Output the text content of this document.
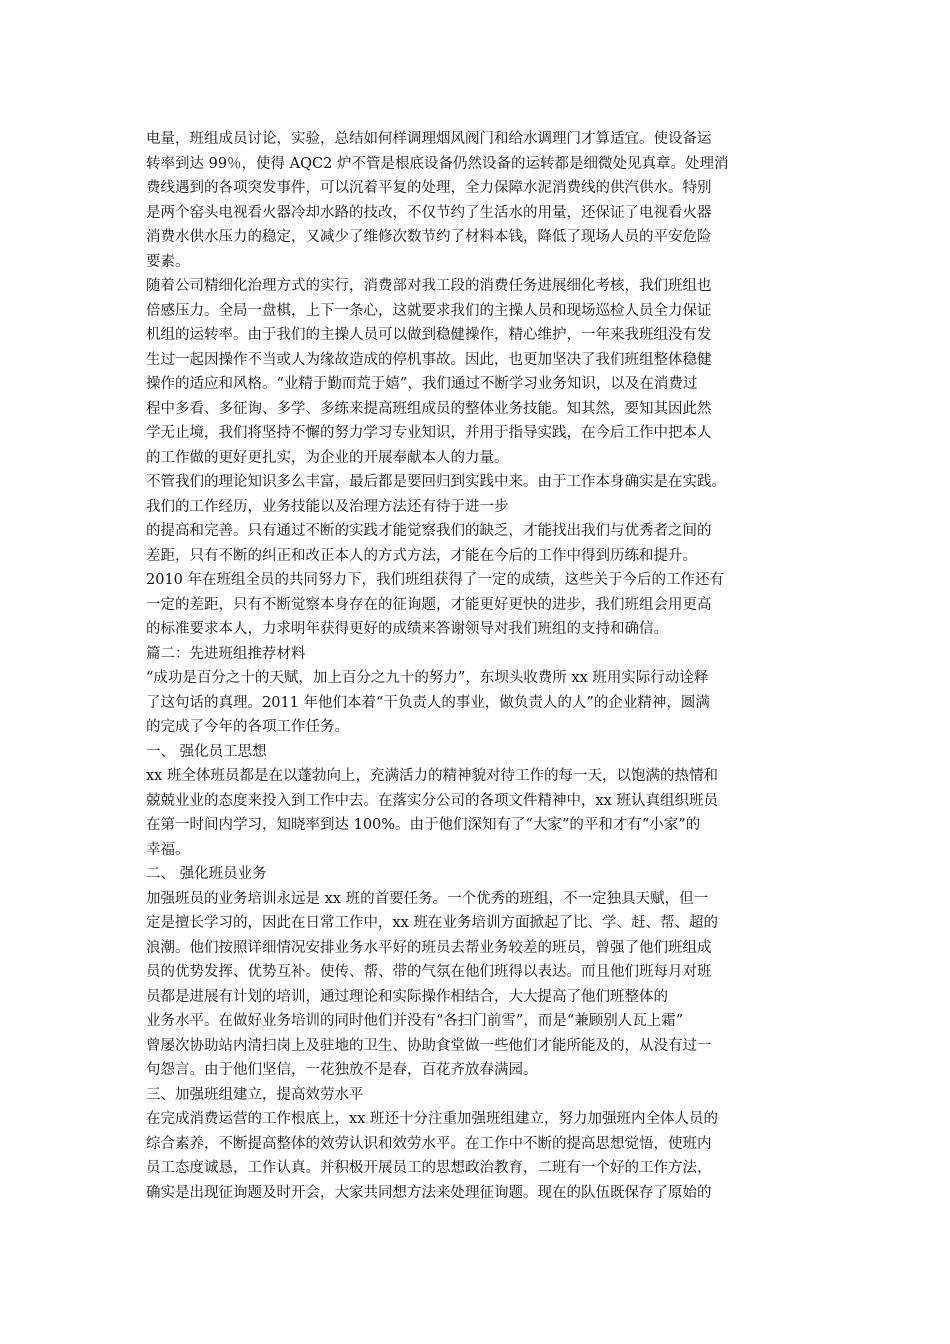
电量，班组成员讨论，实验，总结如何样调理烟风阀门和给水调理门才算适宜。使设备运
转率到达 99％，使得 AQC2 炉不管是根底设备仍然设备的运转都是细微处见真章。处理消
费线遇到的各项突发事件，可以沉着平复的处理，全力保障水泥消费线的供汽供水。特别
是两个窑头电视看火器冷却水路的技改，不仅节约了生活水的用量，还保证了电视看火器
消费水供水压力的稳定，又减少了维修次数节约了材料本钱，降低了现场人员的平安危险
要素。
随着公司精细化治理方式的实行，消费部对我工段的消费任务进展细化考核，我们班组也
倍感压力。全局一盘棋，上下一条心，这就要求我们的主操人员和现场巡检人员全力保证
机组的运转率。由于我们的主操人员可以做到稳健操作，精心维护，一年来我班组没有发
生过一起因操作不当或人为缘故造成的停机事故。因此，也更加坚决了我们班组整体稳健
操作的适应和风格。“业精于勤而荒于嬉”，我们通过不断学习业务知识，以及在消费过
程中多看、多征询、多学、多练来提高班组成员的整体业务技能。知其然，要知其因此然
学无止境，我们将坚持不懈的努力学习专业知识，并用于指导实践，在今后工作中把本人
的工作做的更好更扎实，为企业的开展奉献本人的力量。
不管我们的理论知识多么丰富，最后都是要回归到实践中来。由于工作本身确实是在实践。
我们的工作经历，业务技能以及治理方法还有待于进一步
的提高和完善。只有通过不断的实践才能觉察我们的缺乏，才能找出我们与优秀者之间的
差距，只有不断的纠正和改正本人的方式方法，才能在今后的工作中得到历练和提升。
2010 年在班组全员的共同努力下，我们班组获得了一定的成绩，这些关于今后的工作还有
一定的差距，只有不断觉察本身存在的征询题，才能更好更快的进步，我们班组会用更高
的标准要求本人，力求明年获得更好的成绩来答谢领导对我们班组的支持和确信。
篇二：先进班组推荐材料
“成功是百分之十的天赋，加上百分之九十的努力”，东坝头收费所 xx 班用实际行动诠释
了这句话的真理。2011 年他们本着“干负责人的事业，做负责人的人”的企业精神，圆满
的完成了今年的各项工作任务。
一、 强化员工思想
xx 班全体班员都是在以蓬勃向上，充满活力的精神貌对待工作的每一天，以饱满的热情和
兢兢业业的态度来投入到工作中去。在落实分公司的各项文件精神中，xx 班认真组织班员
在第一时间内学习，知晓率到达 100%。由于他们深知有了“大家”的平和才有“小家”的
幸福。
二、 强化班员业务
加强班员的业务培训永远是 xx 班的首要任务。一个优秀的班组，不一定独具天赋，但一
定是擅长学习的，因此在日常工作中，xx 班在业务培训方面掀起了比、学、赶、帮、超的
浪潮。他们按照详细情况安排业务水平好的班员去帮业务较差的班员，曾强了他们班组成
员的优势发挥、优势互补。使传、帮、带的气氛在他们班得以表达。而且他们班每月对班
员都是进展有计划的培训，通过理论和实际操作相结合，大大提高了他们班整体的
业务水平。在做好业务培训的同时他们并没有“各扫门前雪”，而是“兼顾别人瓦上霜”
曾屡次协助站内清扫岗上及驻地的卫生、协助食堂做一些他们才能所能及的，从没有过一
句怨言。由于他们坚信，一花独放不是春，百花齐放春满园。
三、加强班组建立，提高效劳水平
在完成消费运营的工作根底上，xx 班还十分注重加强班组建立，努力加强班内全体人员的
综合素养，不断提高整体的效劳认识和效劳水平。在工作中不断的提高思想觉悟，使班内
员工态度诚恳，工作认真。并积极开展员工的思想政治教育，二班有一个好的工作方法，
确实是出现征询题及时开会，大家共同想方法来处理征询题。现在的队伍既保存了原始的
